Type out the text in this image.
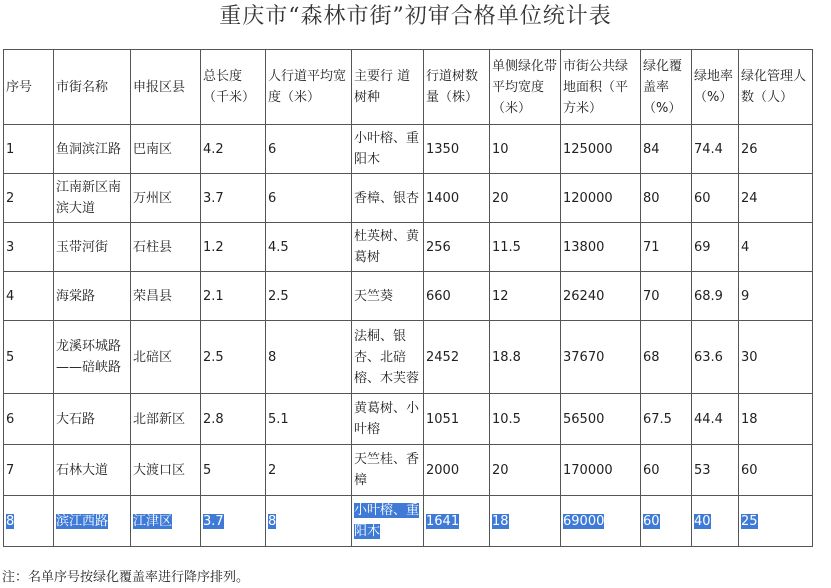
重庆市“森林市街”初审合格单位统计表
序号	市街名称	申报区县	总长度（千米）	人行道平均宽度（米）	主要行 道树种	行道树数量（株）	单侧绿化带平均宽度（米）	市街公共绿地面积（平方米）	绿化覆盖率（%）	绿地率（%）	绿化管理人数（人）
1	鱼洞滨江路	巴南区	4.2	6	小叶榕、重阳木	1350	10	125000	84	74.4	26
2	江南新区南滨大道	万州区	3.7	6	香樟、银杏	1400	20	120000	80	60	24
3	玉带河街	石柱县	1.2	4.5	杜英树、黄葛树	256	11.5	13800	71	69	4
4	海棠路	荣昌县	2.1	2.5	天竺葵	660	12	26240	70	68.9	9
5	龙溪环城路——碚峡路	北碚区	2.5	8	法桐、银杏、北碚榕、木芙蓉	2452	18.8	37670	68	63.6	30
6	大石路	北部新区	2.8	5.1	黄葛树、小叶榕	1051	10.5	56500	67.5	44.4	18
7	石林大道	大渡口区	5	2	天竺桂、香樟	2000	20	170000	60	53	60
8	滨江西路	江津区	3.7	8	小叶榕、重阳木	1641	18	69000	60	40	25
注：名单序号按绿化覆盖率进行降序排列。
